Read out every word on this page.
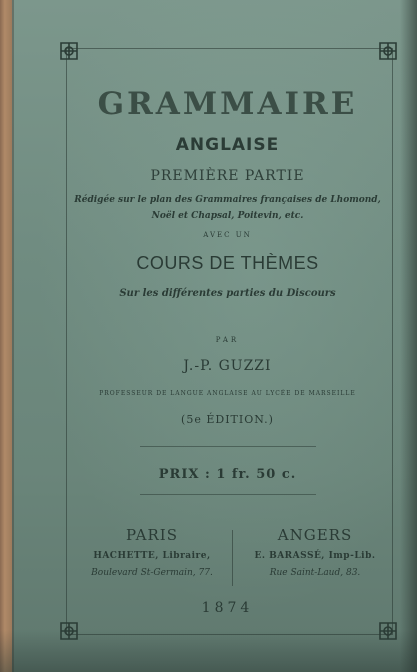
GRAMMAIRE
ANGLAISE
PREMIÈRE PARTIE
Rédigée sur le plan des Grammaires françaises de Lhomond,
Noël et Chapsal, Poitevin, etc.
AVEC UN
COURS DE THÈMES
Sur les différentes parties du Discours
PAR
J.-P. GUZZI
PROFESSEUR DE LANGUE ANGLAISE AU LYCÉE DE MARSEILLE
(5e ÉDITION.)
PRIX : 1 fr. 50 c.
PARIS
HACHETTE, Libraire,
Boulevard St-Germain, 77.
ANGERS
E. BARASSÉ, Imp-Lib.
Rue Saint-Laud, 83.
1874
